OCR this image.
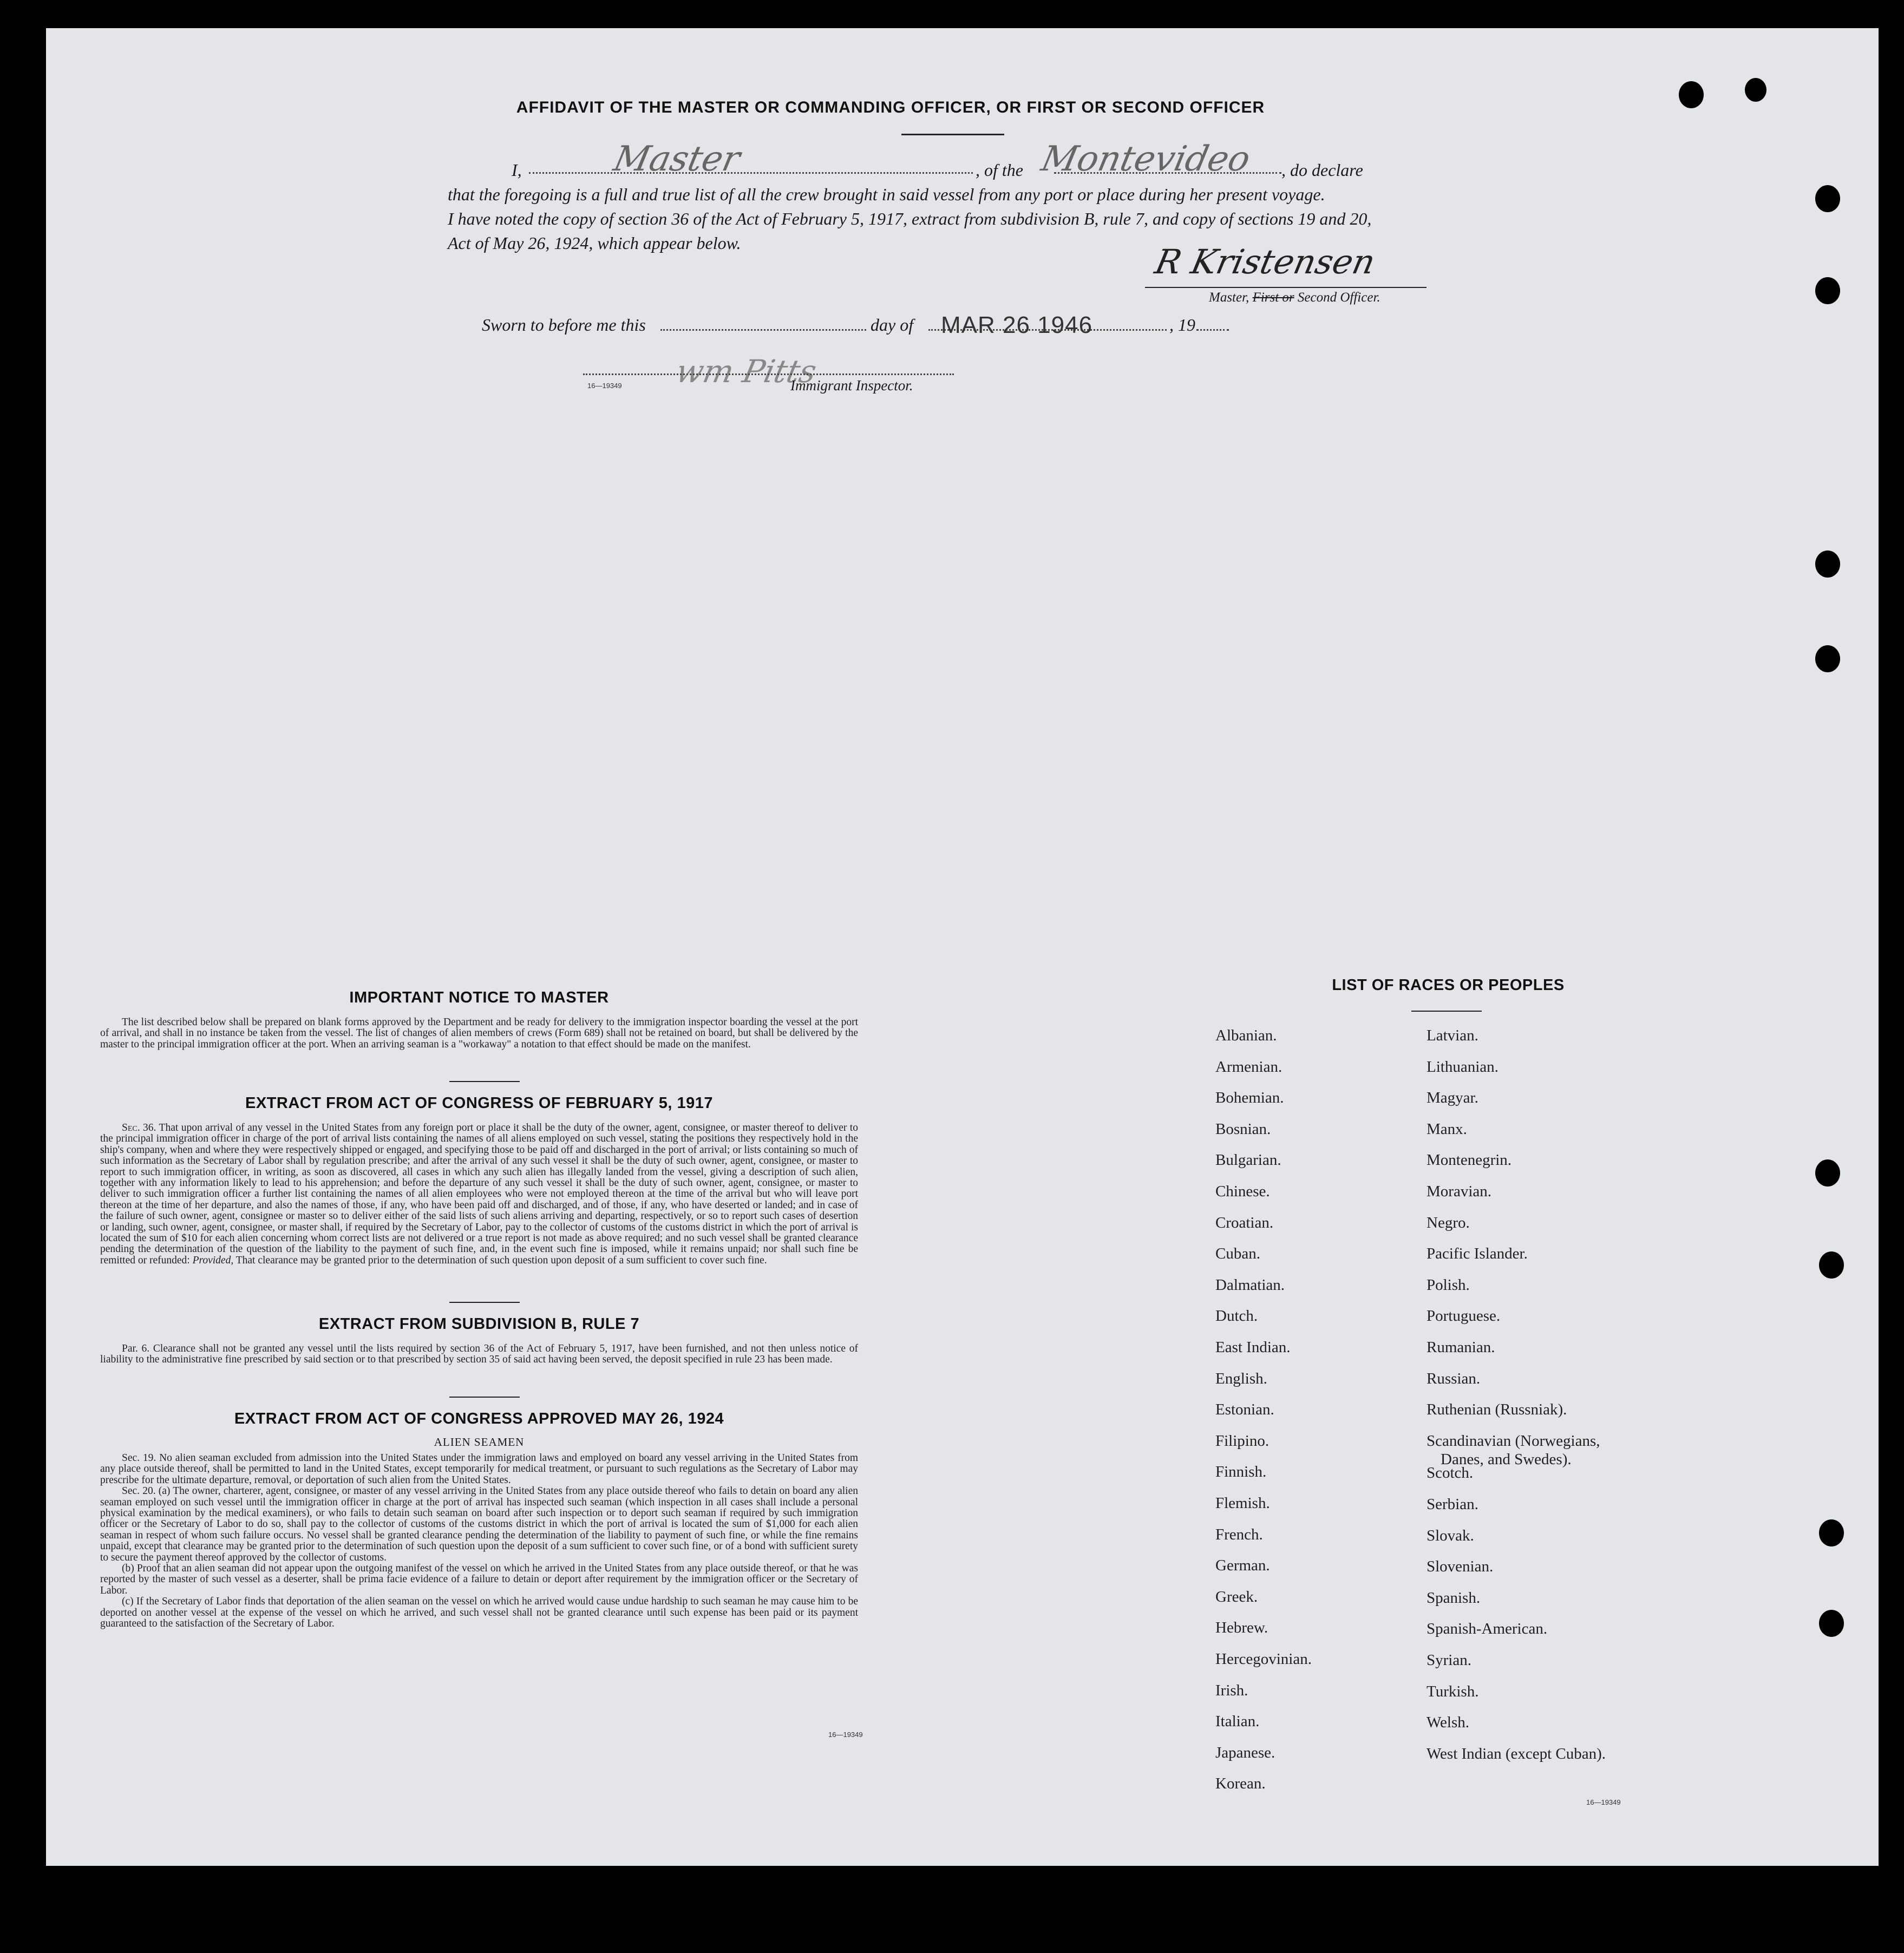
AFFIDAVIT OF THE MASTER OR COMMANDING OFFICER, OR FIRST OR SECOND OFFICER
I,	, of the	, do declare
that the foregoing is a full and true list of all the crew brought in said vessel from any port or place during her present voyage.
I have noted the copy of section 36 of the Act of February 5, 1917, extract from subdivision B, rule 7, and copy of sections 19 and 20,
Act of May 26, 1924, which appear below.
Master	Montevideo
R Kristensen
Master, First or Second Officer.
Sworn to before me this	day of MAR 26 1946	, 19
wm Pitts
16—19349	Immigrant Inspector.
IMPORTANT NOTICE TO MASTER

The list described below shall be prepared on blank forms approved by the Department and be ready for delivery to the immigration inspector boarding the vessel at the port of arrival, and shall in no instance be taken from the vessel. The list of changes of alien members of crews (Form 689) shall not be retained on board, but shall be delivered by the master to the principal immigration officer at the port. When an arriving seaman is a "workaway" a notation to that effect should be made on the manifest.

EXTRACT FROM ACT OF CONGRESS OF FEBRUARY 5, 1917

Sec. 36. That upon arrival of any vessel in the United States from any foreign port or place it shall be the duty of the owner, agent, consignee, or master thereof to deliver to the principal immigration officer in charge of the port of arrival lists containing the names of all aliens employed on such vessel, stating the positions they respectively hold in the ship's company, when and where they were respectively shipped or engaged, and specifying those to be paid off and discharged in the port of arrival; or lists containing so much of such information as the Secretary of Labor shall by regulation prescribe; and after the arrival of any such vessel it shall be the duty of such owner, agent, consignee, or master to report to such immigration officer, in writing, as soon as discovered, all cases in which any such alien has illegally landed from the vessel, giving a description of such alien, together with any information likely to lead to his apprehension; and before the departure of any such vessel it shall be the duty of such owner, agent, consignee, or master to deliver to such immigration officer a further list containing the names of all alien employees who were not employed thereon at the time of the arrival but who will leave port thereon at the time of her departure, and also the names of those, if any, who have been paid off and discharged, and of those, if any, who have deserted or landed; and in case of the failure of such owner, agent, consignee or master so to deliver either of the said lists of such aliens arriving and departing, respectively, or so to report such cases of desertion or landing, such owner, agent, consignee, or master shall, if required by the Secretary of Labor, pay to the collector of customs of the customs district in which the port of arrival is located the sum of $10 for each alien concerning whom correct lists are not delivered or a true report is not made as above required; and no such vessel shall be granted clearance pending the determination of the question of the liability to the payment of such fine, and, in the event such fine is imposed, while it remains unpaid; nor shall such fine be remitted or refunded: Provided, That clearance may be granted prior to the determination of such question upon deposit of a sum sufficient to cover such fine.

EXTRACT FROM SUBDIVISION B, RULE 7

Par. 6. Clearance shall not be granted any vessel until the lists required by section 36 of the Act of February 5, 1917, have been furnished, and not then unless notice of liability to the administrative fine prescribed by said section or to that prescribed by section 35 of said act having been served, the deposit specified in rule 23 has been made.

EXTRACT FROM ACT OF CONGRESS APPROVED MAY 26, 1924
ALIEN SEAMEN

Sec. 19. No alien seaman excluded from admission into the United States under the immigration laws and employed on board any vessel arriving in the United States from any place outside thereof, shall be permitted to land in the United States, except temporarily for medical treatment, or pursuant to such regulations as the Secretary of Labor may prescribe for the ultimate departure, removal, or deportation of such alien from the United States.

Sec. 20. (a) The owner, charterer, agent, consignee, or master of any vessel arriving in the United States from any place outside thereof who fails to detain on board any alien seaman employed on such vessel until the immigration officer in charge at the port of arrival has inspected such seaman (which inspection in all cases shall include a personal physical examination by the medical examiners), or who fails to detain such seaman on board after such inspection or to deport such seaman if required by such immigration officer or the Secretary of Labor to do so, shall pay to the collector of customs of the customs district in which the port of arrival is located the sum of $1,000 for each alien seaman in respect of whom such failure occurs. No vessel shall be granted clearance pending the determination of the liability to payment of such fine, or while the fine remains unpaid, except that clearance may be granted prior to the determination of such question upon the deposit of a sum sufficient to cover such fine, or of a bond with sufficient surety to secure the payment thereof approved by the collector of customs.

(b) Proof that an alien seaman did not appear upon the outgoing manifest of the vessel on which he arrived in the United States from any place outside thereof, or that he was reported by the master of such vessel as a deserter, shall be prima facie evidence of a failure to detain or deport after requirement by the immigration officer or the Secretary of Labor.

(c) If the Secretary of Labor finds that deportation of the alien seaman on the vessel on which he arrived would cause undue hardship to such seaman he may cause him to be deported on another vessel at the expense of the vessel on which he arrived, and such vessel shall not be granted clearance until such expense has been paid or its payment guaranteed to the satisfaction of the Secretary of Labor.

16—19349
LIST OF RACES OR PEOPLES
Albanian.
Armenian.
Bohemian.
Bosnian.
Bulgarian.
Chinese.
Croatian.
Cuban.
Dalmatian.
Dutch.
East Indian.
English.
Estonian.
Filipino.
Finnish.
Flemish.
French.
German.
Greek.
Hebrew.
Hercegovinian.
Irish.
Italian.
Japanese.
Korean.
Latvian.
Lithuanian.
Magyar.
Manx.
Montenegrin.
Moravian.
Negro.
Pacific Islander.
Polish.
Portuguese.
Rumanian.
Russian.
Ruthenian (Russniak).
Scandinavian (Norwegians,
Danes, and Swedes).
Scotch.
Serbian.
Slovak.
Slovenian.
Spanish.
Spanish-American.
Syrian.
Turkish.
Welsh.
West Indian (except Cuban).
16—19349
